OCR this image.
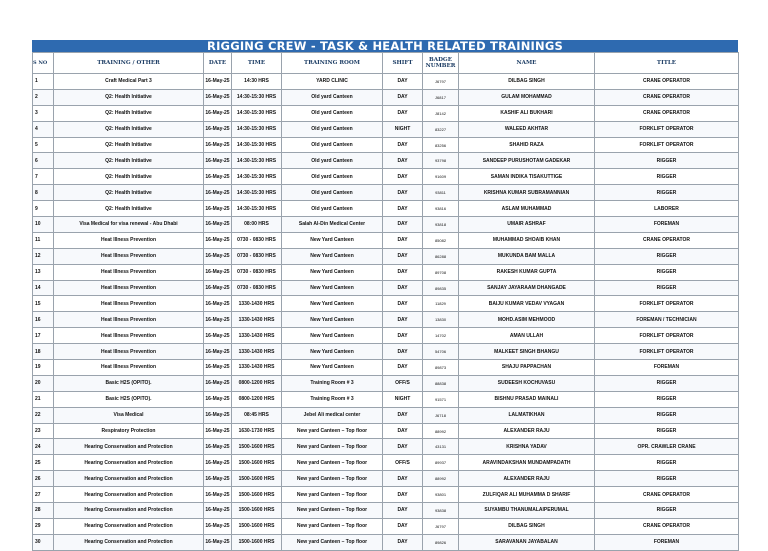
RIGGING CREW - TASK & HEALTH RELATED TRAININGS
S NO	TRAINING / OTHER	DATE	TIME	TRAINING ROOM	SHIFT	BADGE NUMBER	NAME	TITLE
1	Craft Medical Part 3	16-May-25	14:30 HRS	YARD CLINIC	DAY	J6797	DILBAG SINGH	CRANE OPERATOR
2	Q2: Health Initiative	16-May-25	14:30-15:30 HRS	Old yard Canteen	DAY	J6817	GULAM MOHAMMAD	CRANE OPERATOR
3	Q2: Health Initiative	16-May-25	14:30-15:30 HRS	Old yard Canteen	DAY	J8142	KASHIF ALI BUKHARI	CRANE OPERATOR
4	Q2: Health Initiative	16-May-25	14:30-15:30 HRS	Old yard Canteen	NIGHT	83227	WALEED AKHTAR	FORKLIFT OPERATOR
5	Q2: Health Initiative	16-May-25	14:30-15:30 HRS	Old yard Canteen	DAY	83256	SHAHID RAZA	FORKLIFT OPERATOR
6	Q2: Health Initiative	16-May-25	14:30-15:30 HRS	Old yard Canteen	DAY	93798	SANDEEP PURUSHOTAM GADEKAR	RIGGER
7	Q2: Health Initiative	16-May-25	14:30-15:30 HRS	Old yard Canteen	DAY	91609	SAMAN INDIKA TISAKUTTIGE	RIGGER
8	Q2: Health Initiative	16-May-25	14:30-15:30 HRS	Old yard Canteen	DAY	93811	KRISHNA KUMAR SUBRAMANNIAN	RIGGER
9	Q2: Health Initiative	16-May-25	14:30-15:30 HRS	Old yard Canteen	DAY	93816	ASLAM MUHAMMAD	LABORER
10	Visa Medical for visa renewal - Abu Dhabi	16-May-25	08:00 HRS	Salah Al-Din Medical Center	DAY	93818	UMAIR ASHRAF	FOREMAN
11	Heat Illness Prevention	16-May-25	0730 - 0830 HRS	New Yard Canteen	DAY	85082	MUHAMMAD SHOAIB KHAN	CRANE OPERATOR
12	Heat Illness Prevention	16-May-25	0730 - 0830 HRS	New Yard Canteen	DAY	86288	MUKUNDA BAM MALLA	RIGGER
13	Heat Illness Prevention	16-May-25	0730 - 0830 HRS	New Yard Canteen	DAY	89708	RAKESH KUMAR GUPTA	RIGGER
14	Heat Illness Prevention	16-May-25	0730 - 0830 HRS	New Yard Canteen	DAY	89835	SANJAY JAYARAAM DHANGADE	RIGGER
15	Heat Illness Prevention	16-May-25	1330-1430 HRS	New Yard Canteen	DAY	11829	BAIJU KUMAR VEDAV VYAGAN	FORKLIFT OPERATOR
16	Heat Illness Prevention	16-May-25	1330-1430 HRS	New Yard Canteen	DAY	13830	MOHD.ASIM MEHMOOD	FOREMAN / TECHNICIAN
17	Heat Illness Prevention	16-May-25	1330-1430 HRS	New Yard Canteen	DAY	14702	AMAN ULLAH	FORKLIFT OPERATOR
18	Heat Illness Prevention	16-May-25	1330-1430 HRS	New Yard Canteen	DAY	54706	MALKEET SINGH BHANGU	FORKLIFT OPERATOR
19	Heat Illness Prevention	16-May-25	1330-1430 HRS	New Yard Canteen	DAY	89873	SHAJU PAPPACHAN	FOREMAN
20	Basic H2S (OPITO).	16-May-25	0800-1200 HRS	Training Room # 3	OFF/S	88838	SUDEESH KOCHUVASU	RIGGER
21	Basic H2S (OPITO).	16-May-25	0800-1200 HRS	Training Room # 3	NIGHT	91571	BISHNU PRASAD MAINALI	RIGGER
22	Visa Medical	16-May-25	08:45 HRS	Jebel Ali medical center	DAY	J6718	LALMATIKHAN	RIGGER
23	Respiratory Protection	16-May-25	1630-1730 HRS	New yard Canteen – Top floor	DAY	88992	ALEXANDER RAJU	RIGGER
24	Hearing Conservation and Protection	16-May-25	1500-1600 HRS	New yard Canteen – Top floor	DAY	43131	KRISHNA YADAV	OPR. CRAWLER CRANE
25	Hearing Conservation and Protection	16-May-25	1500-1600 HRS	New yard Canteen – Top floor	OFF/S	89937	ARAVINDAKSHAN MUNDAMPADATH	RIGGER
26	Hearing Conservation and Protection	16-May-25	1500-1600 HRS	New yard Canteen – Top floor	DAY	88992	ALEXANDER RAJU	RIGGER
27	Hearing Conservation and Protection	16-May-25	1500-1600 HRS	New yard Canteen – Top floor	DAY	93801	ZULFIQAR ALI MUHAMMA D SHARIF	CRANE OPERATOR
28	Hearing Conservation and Protection	16-May-25	1500-1600 HRS	New yard Canteen – Top floor	DAY	93838	SUYAMBU THANUMALAIPERUMAL	RIGGER
29	Hearing Conservation and Protection	16-May-25	1500-1600 HRS	New yard Canteen – Top floor	DAY	J6797	DILBAG SINGH	CRANE OPERATOR
30	Hearing Conservation and Protection	16-May-25	1500-1600 HRS	New yard Canteen – Top floor	DAY	89826	SARAVANAN JAYABALAN	FOREMAN
